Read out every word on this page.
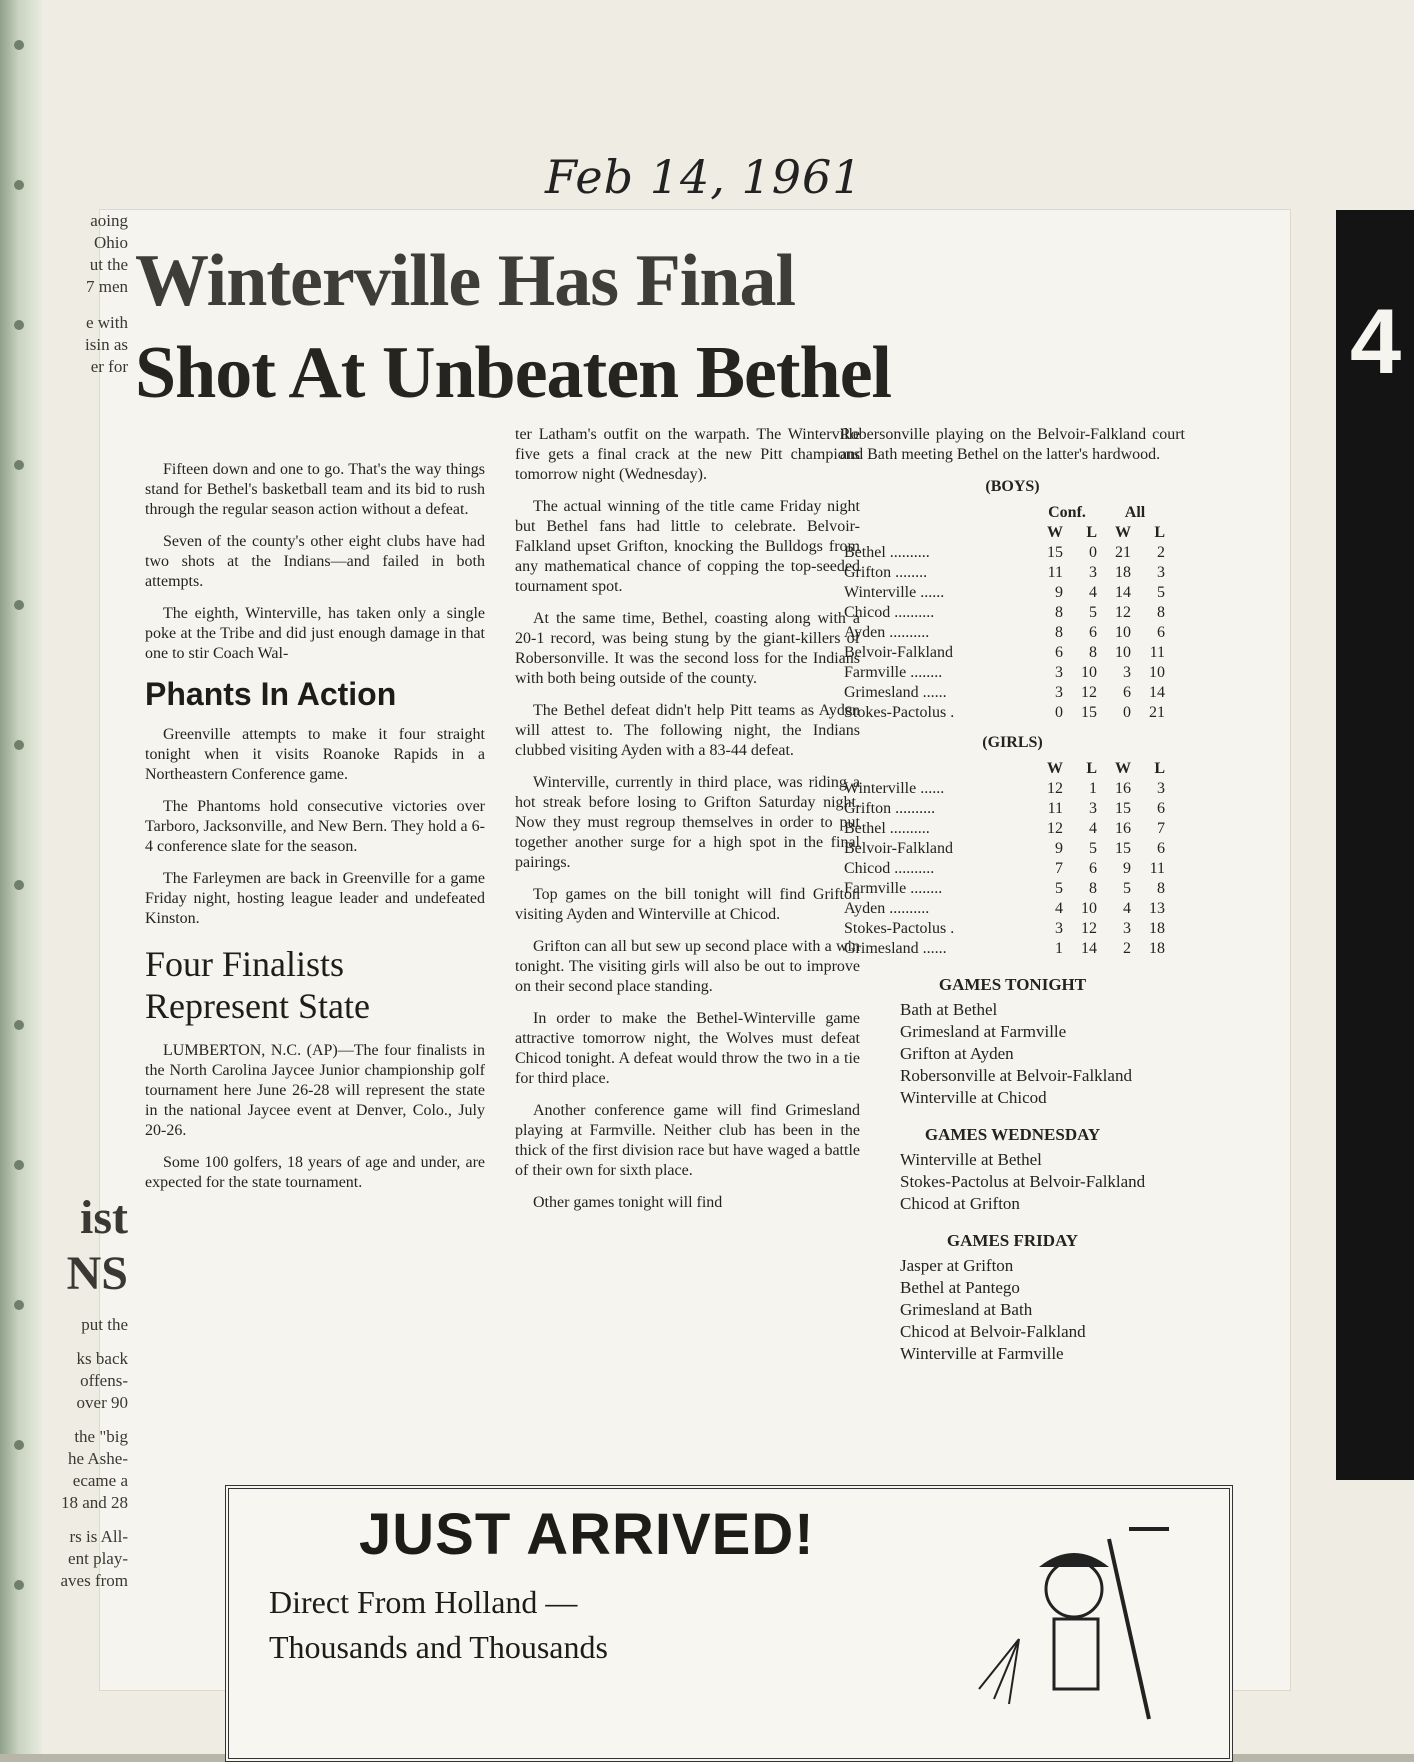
4
Feb 14, 1961

aoing

Ohio

ut the

7 men

e with

isin as

er for

ist

NS

put the

ks back

offens-

over 90

the "big

he Ashe-

ecame a

18 and 28

rs is All-

ent play-

aves from

Winterville Has Final
Shot At Unbeaten Bethel

Fifteen down and one to go. That's the way things stand for Bethel's basketball team and its bid to rush through the regular season action without a defeat.

Seven of the county's other eight clubs have had two shots at the Indians—and failed in both attempts.

The eighth, Winterville, has taken only a single poke at the Tribe and did just enough damage in that one to stir Coach Wal-

Phants In Action

Greenville attempts to make it four straight tonight when it visits Roanoke Rapids in a Northeastern Conference game.

The Phantoms hold consecutive victories over Tarboro, Jacksonville, and New Bern. They hold a 6-4 conference slate for the season.

The Farleymen are back in Greenville for a game Friday night, hosting league leader and undefeated Kinston.

Four Finalists
Represent State

LUMBERTON, N.C. (AP)—The four finalists in the North Carolina Jaycee Junior championship golf tournament here June 26-28 will represent the state in the national Jaycee event at Denver, Colo., July 20-26.

Some 100 golfers, 18 years of age and under, are expected for the state tournament.

ter Latham's outfit on the warpath. The Winterville five gets a final crack at the new Pitt champions tomorrow night (Wednesday).

The actual winning of the title came Friday night but Bethel fans had little to celebrate. Belvoir-Falkland upset Grifton, knocking the Bulldogs from any mathematical chance of copping the top-seeded tournament spot.

At the same time, Bethel, coasting along with a 20-1 record, was being stung by the giant-killers of Robersonville. It was the second loss for the Indians with both being outside of the county.

The Bethel defeat didn't help Pitt teams as Ayden will attest to. The following night, the Indians clubbed visiting Ayden with a 83-44 defeat.

Winterville, currently in third place, was riding a hot streak before losing to Grifton Saturday night. Now they must regroup themselves in order to put together another surge for a high spot in the final pairings.

Top games on the bill tonight will find Grifton visiting Ayden and Winterville at Chicod.

Grifton can all but sew up second place with a win tonight. The visiting girls will also be out to improve on their second place standing.

In order to make the Bethel-Winterville game attractive tomorrow night, the Wolves must defeat Chicod tonight. A defeat would throw the two in a tie for third place.

Another conference game will find Grimesland playing at Farmville. Neither club has been in the thick of the first division race but have waged a battle of their own for sixth place.

Other games tonight will find

Robersonville playing on the Belvoir-Falkland court and Bath meeting Bethel on the latter's hardwood.

(BOYS)
	Conf.		All	
	W	L	W	L
Bethel ..........	15	0	21	2
Grifton ........	11	3	18	3
Winterville ......	9	4	14	5
Chicod ..........	8	5	12	8
Ayden ..........	8	6	10	6
Belvoir-Falkland	6	8	10	11
Farmville ........	3	10	3	10
Grimesland ......	3	12	6	14
Stokes-Pactolus .	0	15	0	21
(GIRLS)
	W	L	W	L
Winterville ......	12	1	16	3
Grifton ..........	11	3	15	6
Bethel ..........	12	4	16	7
Belvoir-Falkland	9	5	15	6
Chicod ..........	7	6	9	11
Farmville ........	5	8	5	8
Ayden ..........	4	10	4	13
Stokes-Pactolus .	3	12	3	18
Grimesland ......	1	14	2	18
GAMES TONIGHT
Bath at Bethel
Grimesland at Farmville
Grifton at Ayden
Robersonville at Belvoir-Falkland
Winterville at Chicod
GAMES WEDNESDAY
Winterville at Bethel
Stokes-Pactolus at Belvoir-Falkland
Chicod at Grifton
GAMES FRIDAY
Jasper at Grifton
Bethel at Pantego
Grimesland at Bath
Chicod at Belvoir-Falkland
Winterville at Farmville
JUST ARRIVED!
Direct From Holland —
Thousands and Thousands
